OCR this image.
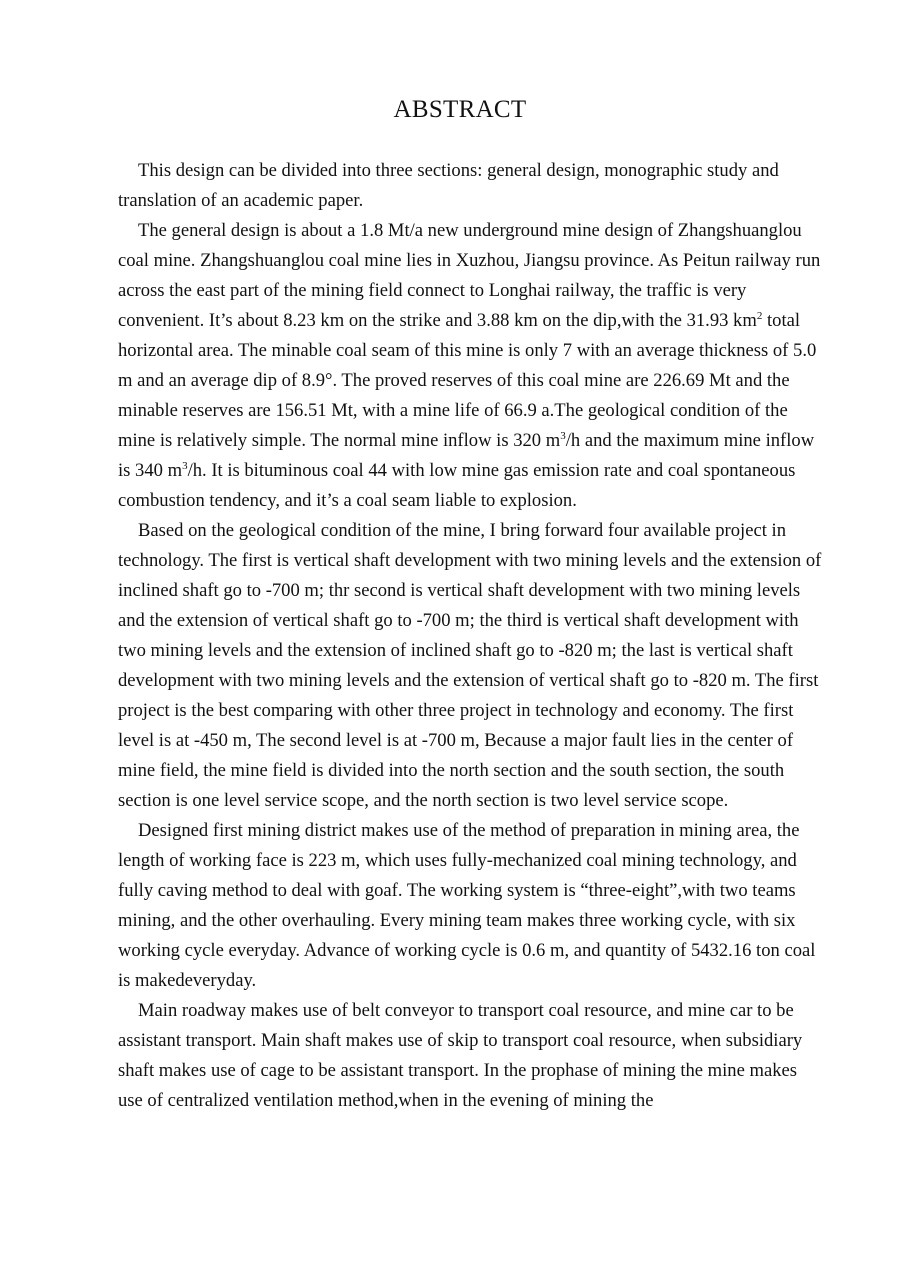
ABSTRACT

This design can be divided into three sections: general design, monographic study and translation of an academic paper.

The general design is about a 1.8 Mt/a new underground mine design of Zhangshuanglou coal mine. Zhangshuanglou coal mine lies in Xuzhou, Jiangsu province. As Peitun railway run across the east part of the mining field connect to Longhai railway, the traffic is very convenient. It’s about 8.23 km on the strike and 3.88 km on the dip,with the 31.93 $km^2$ total horizontal area. The minable coal seam of this mine is only 7 with an average thickness of 5.0 m and an average dip of 8.9°. The proved reserves of this coal mine are 226.69 Mt and the minable reserves are 156.51 Mt, with a mine life of 66.9 a.The geological condition of the mine is relatively simple. The normal mine inflow is 320 $m^3/h$ and the maximum mine inflow is 340 $m^3/h$. It is bituminous coal 44 with low mine gas emission rate and coal spontaneous combustion tendency, and it’s a coal seam liable to explosion.

Based on the geological condition of the mine, I bring forward four available project in technology. The first is vertical shaft development with two mining levels and the extension of inclined shaft go to -700 m; thr second is vertical shaft development with two mining levels and the extension of vertical shaft go to -700 m; the third is vertical shaft development with two mining levels and the extension of inclined shaft go to -820 m; the last is vertical shaft development with two mining levels and the extension of vertical shaft go to -820 m. The first project is the best comparing with other three project in technology and economy. The first level is at -450 m, The second level is at -700 m, Because a major fault lies in the center of mine field, the mine field is divided into the north section and the south section, the south section is one level service scope, and the north section is two level service scope.

Designed first mining district makes use of the method of preparation in mining area, the length of working face is 223 m, which uses fully-mechanized coal mining technology, and fully caving method to deal with goaf. The working system is “three-eight”,with two teams mining, and the other overhauling. Every mining team makes three working cycle, with six working cycle everyday. Advance of working cycle is 0.6 m, and quantity of 5432.16 ton coal is makedeveryday.

Main roadway makes use of belt conveyor to transport coal resource, and mine car to be assistant transport. Main shaft makes use of skip to transport coal resource, when subsidiary shaft makes use of cage to be assistant transport. In the prophase of mining the mine makes use of centralized ventilation method,when in the evening of mining the
